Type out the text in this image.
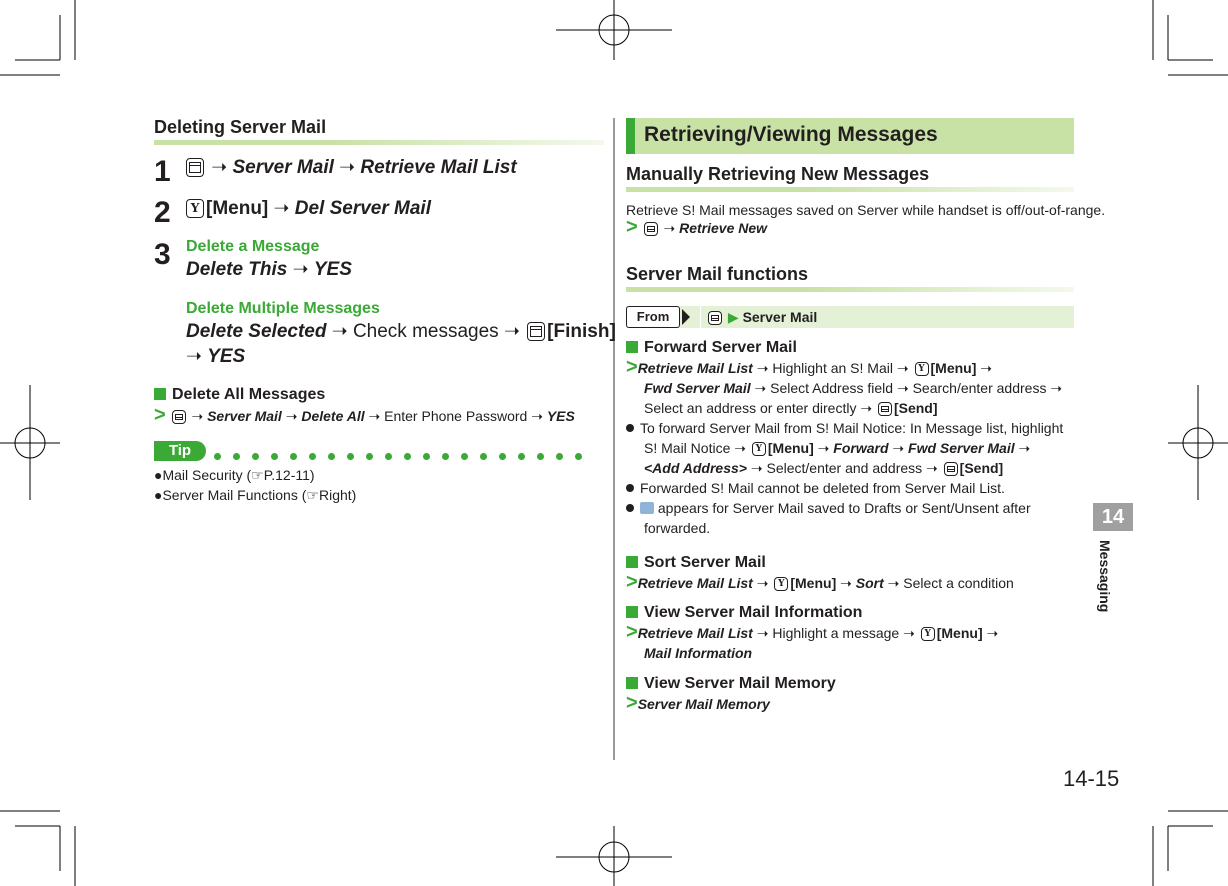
Deleting Server Mail
1	➝ Server Mail ➝ Retrieve Mail List
2	Y [Menu] ➝ Del Server Mail
3 Delete a Message
Delete This ➝ YES
Delete Multiple Messages
Delete Selected ➝ Check messages ➝ [Finish]
➝ YES
Delete All Messages
> ➝ Server Mail ➝ Delete All ➝ Enter Phone Password ➝ YES
Tip
●Mail Security (☞P.12-11)
●Server Mail Functions (☞Right)
Retrieving/Viewing Messages
Manually Retrieving New Messages
Retrieve S! Mail messages saved on Server while handset is off/out-of-range.
> ➝ Retrieve New
Server Mail functions
From	▶ Server Mail
Forward Server Mail
>Retrieve Mail List ➝ Highlight an S! Mail ➝	Y [Menu] ➝
Fwd Server Mail ➝ Select Address field ➝ Search/enter address ➝
Select an address or enter directly ➝ [Send]
To forward Server Mail from S! Mail Notice: In Message list, highlight
S! Mail Notice ➝	Y [Menu] ➝ Forward ➝ Fwd Server Mail ➝
<Add Address> ➝ Select/enter and address ➝ [Send]
Forwarded S! Mail cannot be deleted from Server Mail List.
appears for Server Mail saved to Drafts or Sent/Unsent after
forwarded.
Sort Server Mail
>Retrieve Mail List ➝	Y [Menu] ➝ Sort ➝ Select a condition
View Server Mail Information
>Retrieve Mail List ➝ Highlight a message ➝	Y [Menu] ➝
Mail Information
View Server Mail Memory
>Server Mail Memory
14
Messaging
14-15
